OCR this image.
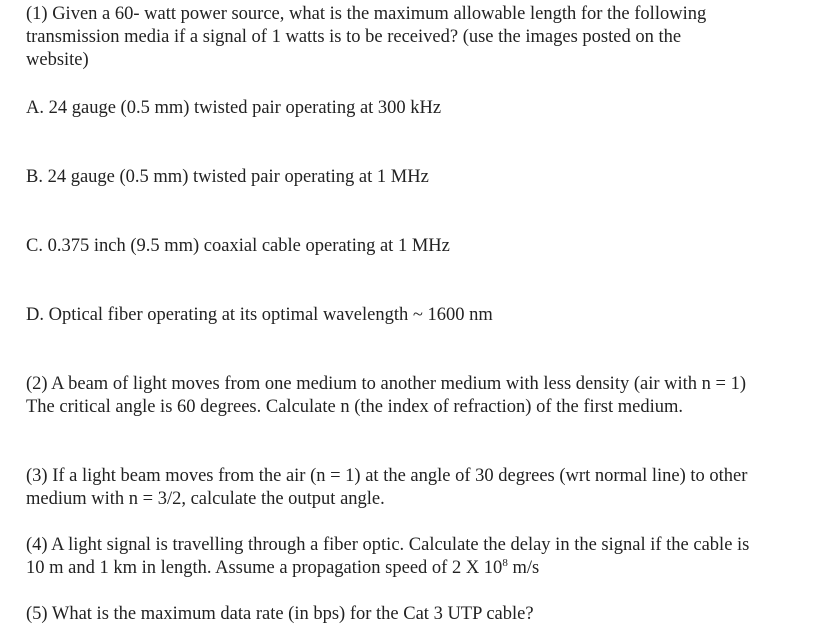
(1) Given a 60- watt power source, what is the maximum allowable length for the following transmission media if a signal of 1 watts is to be received? (use the images posted on the website)

A. 24 gauge (0.5 mm) twisted pair operating at 300 kHz

B. 24 gauge (0.5 mm) twisted pair operating at 1 MHz

C. 0.375 inch (9.5 mm) coaxial cable operating at 1 MHz

D. Optical fiber operating at its optimal wavelength ~ 1600 nm

(2) A beam of light moves from one medium to another medium with less density (air with n = 1) The critical angle is 60 degrees. Calculate n (the index of refraction) of the first medium.

(3) If a light beam moves from the air (n = 1) at the angle of 30 degrees (wrt normal line) to other medium with n = 3/2, calculate the output angle.

(4) A light signal is travelling through a fiber optic. Calculate the delay in the signal if the cable is 10 m and 1 km in length. Assume a propagation speed of 2 X $10^8$ m/s

(5) What is the maximum data rate (in bps) for the Cat 3 UTP cable?
